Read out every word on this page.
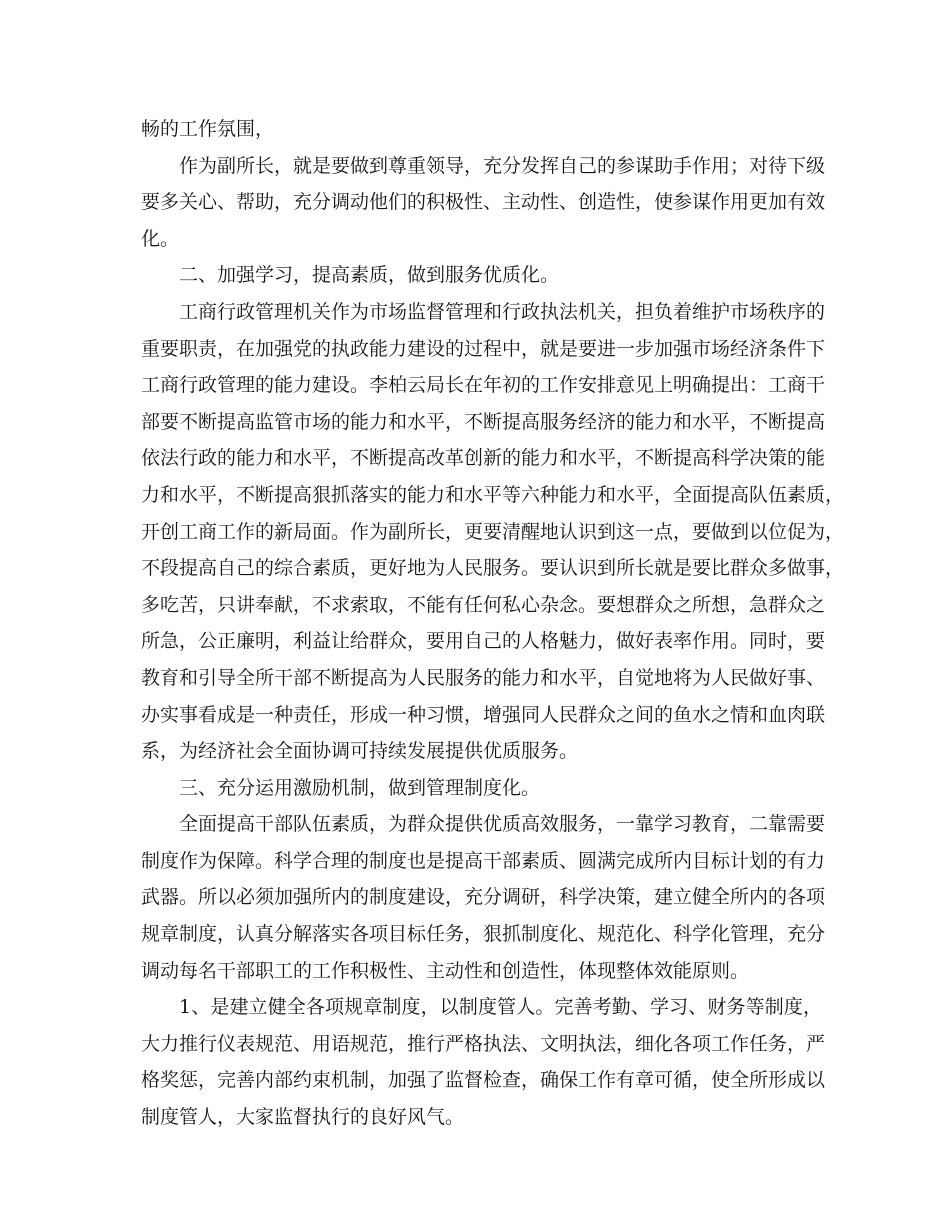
畅的工作氛围，
作为副所长，就是要做到尊重领导，充分发挥自己的参谋助手作用；对待下级
要多关心、帮助，充分调动他们的积极性、主动性、创造性，使参谋作用更加有效
化。
二、加强学习，提高素质，做到服务优质化。
工商行政管理机关作为市场监督管理和行政执法机关，担负着维护市场秩序的
重要职责，在加强党的执政能力建设的过程中，就是要进一步加强市场经济条件下
工商行政管理的能力建设。李柏云局长在年初的工作安排意见上明确提出：工商干
部要不断提高监管市场的能力和水平，不断提高服务经济的能力和水平，不断提高
依法行政的能力和水平，不断提高改革创新的能力和水平，不断提高科学决策的能
力和水平，不断提高狠抓落实的能力和水平等六种能力和水平，全面提高队伍素质，
开创工商工作的新局面。作为副所长，更要清醒地认识到这一点，要做到以位促为，
不段提高自己的综合素质，更好地为人民服务。要认识到所长就是要比群众多做事，
多吃苦，只讲奉献，不求索取，不能有任何私心杂念。要想群众之所想，急群众之
所急，公正廉明，利益让给群众，要用自己的人格魅力，做好表率作用。同时，要
教育和引导全所干部不断提高为人民服务的能力和水平，自觉地将为人民做好事、
办实事看成是一种责任，形成一种习惯，增强同人民群众之间的鱼水之情和血肉联
系，为经济社会全面协调可持续发展提供优质服务。
三、充分运用激励机制，做到管理制度化。
全面提高干部队伍素质，为群众提供优质高效服务，一靠学习教育，二靠需要
制度作为保障。科学合理的制度也是提高干部素质、圆满完成所内目标计划的有力
武器。所以必须加强所内的制度建设，充分调研，科学决策，建立健全所内的各项
规章制度，认真分解落实各项目标任务，狠抓制度化、规范化、科学化管理，充分
调动每名干部职工的工作积极性、主动性和创造性，体现整体效能原则。
1、是建立健全各项规章制度，以制度管人。完善考勤、学习、财务等制度，
大力推行仪表规范、用语规范，推行严格执法、文明执法，细化各项工作任务，严
格奖惩，完善内部约束机制，加强了监督检查，确保工作有章可循，使全所形成以
制度管人，大家监督执行的良好风气。
